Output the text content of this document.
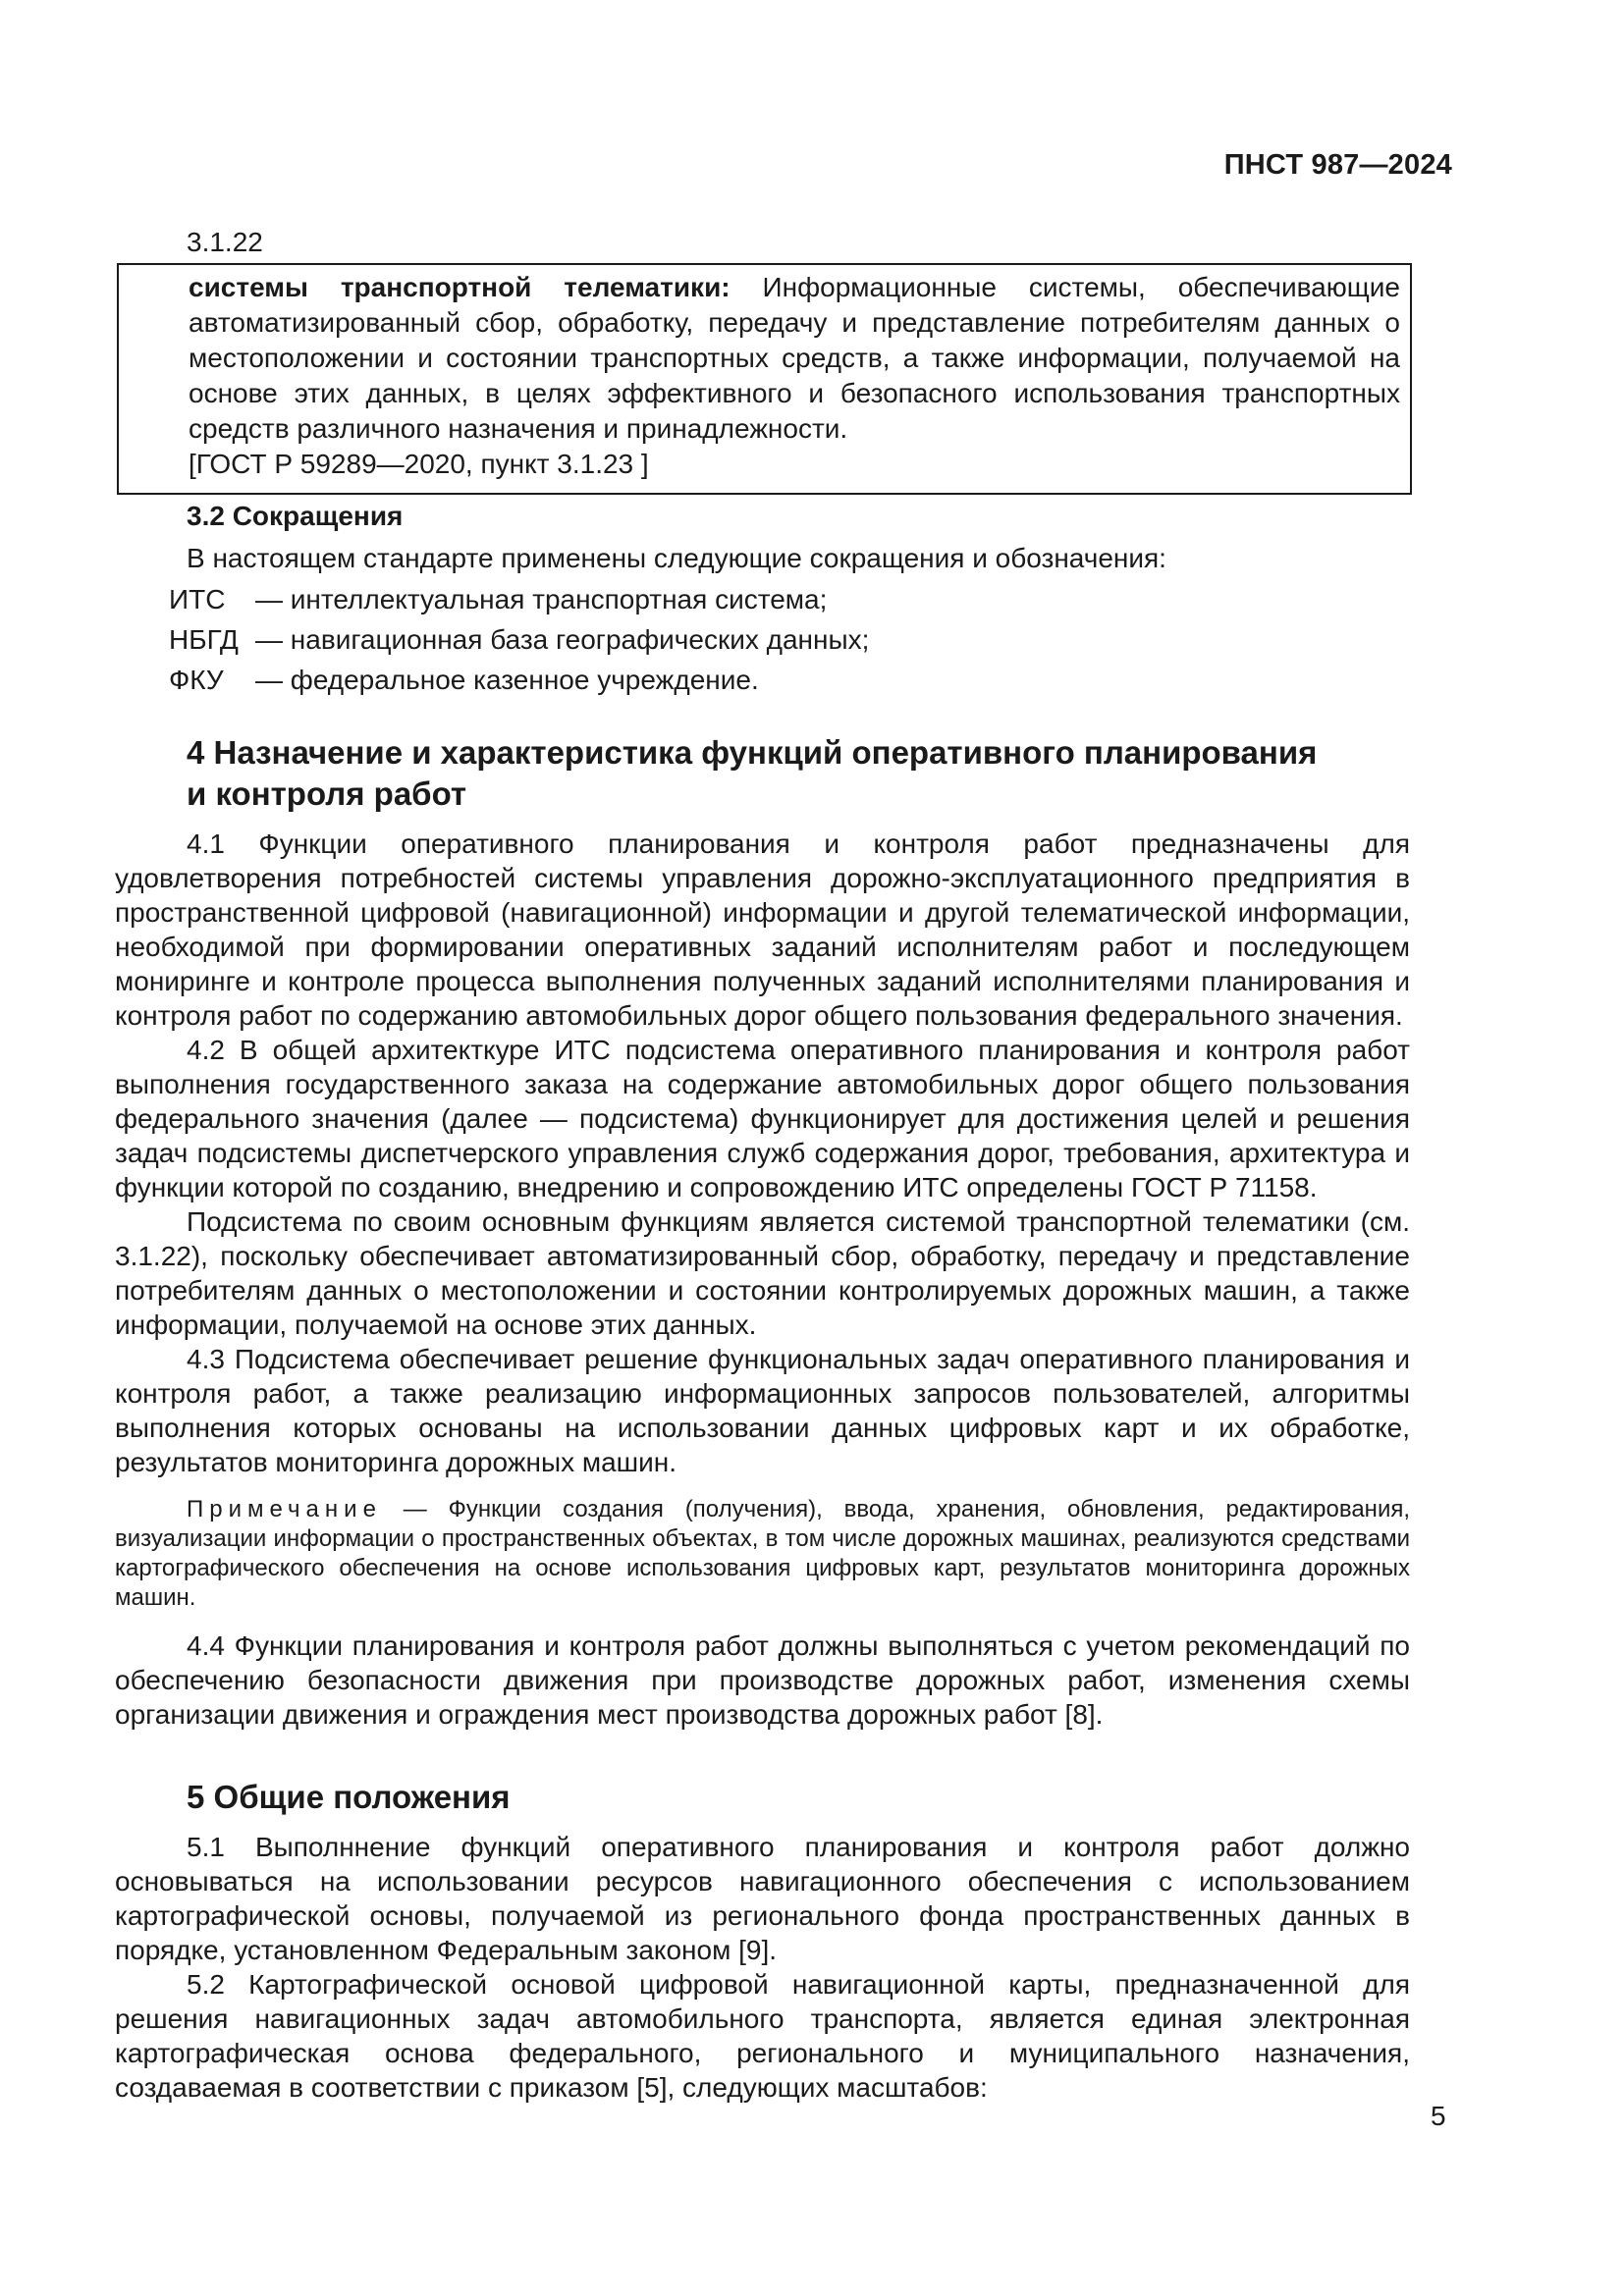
ПНСТ 987—2024
3.1.22
системы транспортной телематики: Информационные системы, обеспечивающие автоматизированный сбор, обработку, передачу и представление потребителям данных о местоположении и состоянии транспортных средств, а также информации, получаемой на основе этих данных, в целях эффективного и безопасного использования транспортных средств различного назначения и принадлежности.
[ГОСТ Р 59289—2020, пункт 3.1.23 ]
3.2 Сокращения
В настоящем стандарте применены следующие сокращения и обозначения:
ИТС — интеллектуальная транспортная система;
НБГД — навигационная база географических данных;
ФКУ — федеральное казенное учреждение.
4 Назначение и характеристика функций оперативного планирования
и контроля работ
4.1 Функции оперативного планирования и контроля работ предназначены для удовлетворения потребностей системы управления дорожно-эксплуатационного предприятия в пространственной цифровой (навигационной) информации и другой телематической информации, необходимой при формировании оперативных заданий исполнителям работ и последующем мониринге и контроле процесса выполнения полученных заданий исполнителями планирования и контроля работ по содержанию автомобильных дорог общего пользования федерального значения.
4.2 В общей архитекткуре ИТС подсистема оперативного планирования и контроля работ выполнения государственного заказа на содержание автомобильных дорог общего пользования федерального значения (далее — подсистема) функционирует для достижения целей и решения задач подсистемы диспетчерского управления служб содержания дорог, требования, архитектура и функции которой по созданию, внедрению и сопровождению ИТС определены ГОСТ Р 71158.
Подсистема по своим основным функциям является системой транспортной телематики (см. 3.1.22), поскольку обеспечивает автоматизированный сбор, обработку, передачу и представление потребителям данных о местоположении и состоянии контролируемых дорожных машин, а также информации, получаемой на основе этих данных.
4.3 Подсистема обеспечивает решение функциональных задач оперативного планирования и контроля работ, а также реализацию информационных запросов пользователей, алгоритмы выполнения которых основаны на использовании данных цифровых карт и их обработке, результатов мониторинга дорожных машин.
Примечание — Функции создания (получения), ввода, хранения, обновления, редактирования, визуализации информации о пространственных объектах, в том числе дорожных машинах, реализуются средствами картографического обеспечения на основе использования цифровых карт, результатов мониторинга дорожных машин.
4.4 Функции планирования и контроля работ должны выполняться с учетом рекомендаций по обеспечению безопасности движения при производстве дорожных работ, изменения схемы организации движения и ограждения мест производства дорожных работ [8].
5 Общие положения
5.1 Выполннение функций оперативного планирования и контроля работ должно основываться на использовании ресурсов навигационного обеспечения с использованием картографической основы, получаемой из регионального фонда пространственных данных в порядке, установленном Федеральным законом [9].
5.2 Картографической основой цифровой навигационной карты, предназначенной для решения навигационных задач автомобильного транспорта, является единая электронная картографическая основа федерального, регионального и муниципального назначения, создаваемая в соответствии с приказом [5], следующих масштабов:
5
